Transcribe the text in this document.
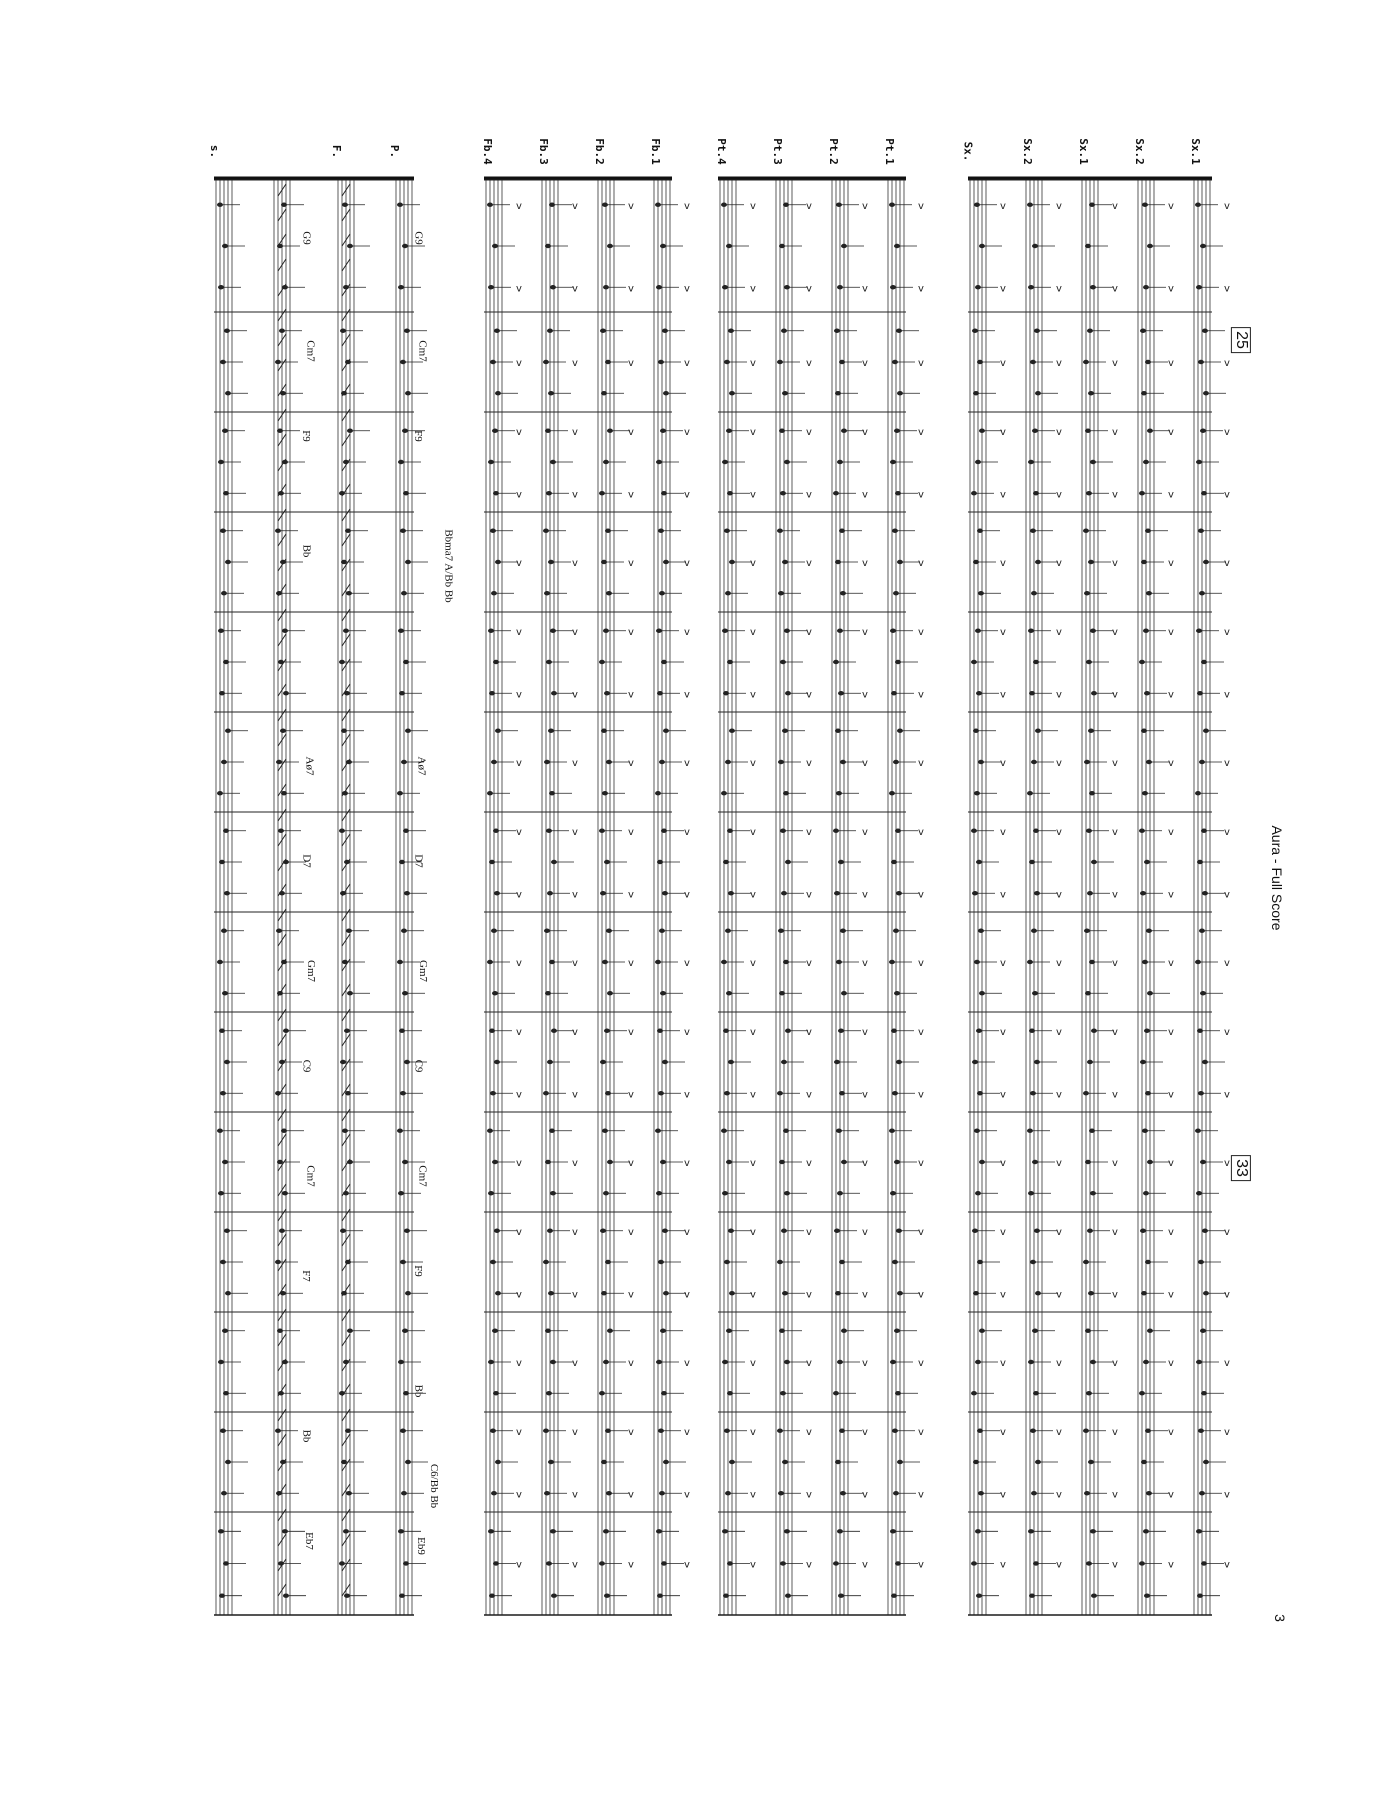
v
v
v
v
v
v
v
v
v
v
v
v
v
v
v
v
v
v
v
v
v
v
v
v
v
v
v
v
v
v
v
v
v
v
v
v
v
v
v
v
v
v
v
v
v
v
v
v
v
v
v
v
v
v
v
v
v
v
v
v
v
v
v
v
v
v
v
v
v
v
v
v
v
v
v
v
v
v
v
v
v
v
v
v
v
v
v
v
v
v
v
v
v
v
v
v
v
v
v
v
v
v
v
v
v
v
v
v
v
v
v
v
v
v
v
v
v
v
v
v
v
v
v
v
v
v
v
v
v
v
v
v
v
v
v
v
v
v
v
v
v
v
v
v
v
v
v
v
v
v
v
v
v
v
v
v
v
v
v
v
v
v
v
v
v
v
v
v
v
v
v
v
v
v
v
v
v
v
v
v
v
v
v
v
v
v
v
v
v
v
v
v
v
v
v
v
v
v
v
v
v
v
v
v
v
v
v
v
v
v
v
v
v
v
v
v
v
v
v
v
v
v
v
v
v
v
v
v
v
v
v
v
v
v
v
v
v
v
v
v
v
v
v
v
v
v
v
v
v
v
v
v
v
v
v
v
v
v
v
v
v
v
v
v
v
v
v
v
v
v
v
v
v
Aura - Full Score
25
33
3
Sx.1
Sx.2
Sx.1
Sx.2
Sx.
Pt.1
Pt.2
Pt.3
Pt.4
Fb.1
Fb.2
Fb.3
Fb.4
P.
F.
s.
G9
Cm7
F9
Bbma7 A/Bb Bb
Aø7
D7
Gm7
C9
Cm7
F9
Bb
C6/Bb Bb
Eb9
G9
Cm7
F9
Bb
Aø7
D7
Gm7
C9
Cm7
F7
Bb
Eb7
